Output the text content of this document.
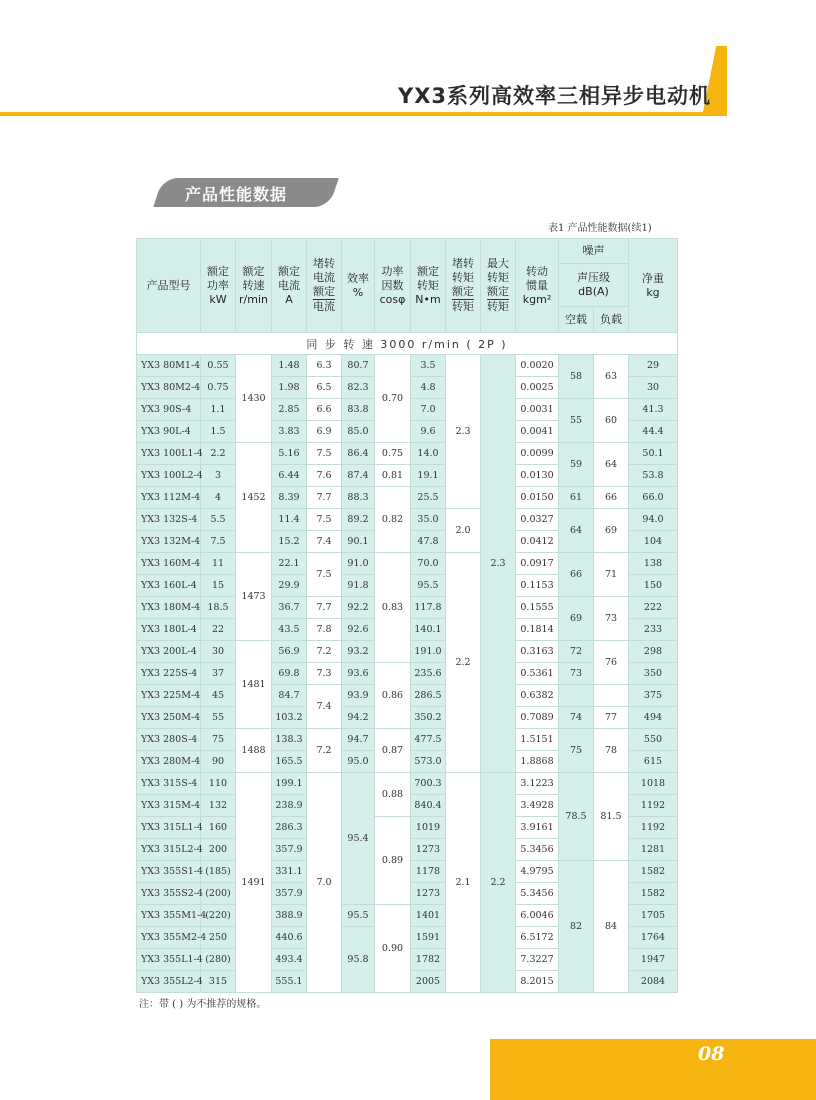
YX3系列高效率三相异步电动机
产品性能数据
表1 产品性能数据(续1)
产品型号	额定
功率
kW	额定
转速
r/min	额定
电流
A	堵转
电流
额定
电流	效率
%	功率
因数
cosφ	额定
转矩
N•m	堵转
转矩
额定
转矩	最大
转矩
额定
转矩	转动
惯量
kgm²	噪声		净重
kg
											声压级
dB(A)		
											空载	负载	
同 步 转 速 3000 r/min ( 2P )													
YX3 80M1-4	0.55	1430	1.48	6.3	80.7	0.70	3.5	2.3	2.3	0.0020	58	63	29
YX3 80M2-4	0.75		1.98	6.5	82.3		4.8			0.0025			30
YX3 90S-4	1.1		2.85	6.6	83.8		7.0			0.0031	55	60	41.3
YX3 90L-4	1.5		3.83	6.9	85.0		9.6			0.0041			44.4
YX3 100L1-4	2.2	1452	5.16	7.5	86.4	0.75	14.0			0.0099	59	64	50.1
YX3 100L2-4	3		6.44	7.6	87.4	0.81	19.1			0.0130			53.8
YX3 112M-4	4		8.39	7.7	88.3	0.82	25.5			0.0150	61	66	66.0
YX3 132S-4	5.5		11.4	7.5	89.2		35.0	2.0		0.0327	64	69	94.0
YX3 132M-4	7.5		15.2	7.4	90.1		47.8			0.0412			104
YX3 160M-4	11	1473	22.1	7.5	91.0	0.83	70.0	2.2		0.0917	66	71	138
YX3 160L-4	15		29.9		91.8		95.5			0.1153			150
YX3 180M-4	18.5		36.7	7.7	92.2		117.8			0.1555	69	73	222
YX3 180L-4	22		43.5	7.8	92.6		140.1			0.1814			233
YX3 200L-4	30	1481	56.9	7.2	93.2		191.0			0.3163	72	76	298
YX3 225S-4	37		69.8	7.3	93.6	0.86	235.6			0.5361	73		350
YX3 225M-4	45		84.7	7.4	93.9		286.5			0.6382			375
YX3 250M-4	55		103.2		94.2		350.2			0.7089	74	77	494
YX3 280S-4	75	1488	138.3	7.2	94.7	0.87	477.5			1.5151	75	78	550
YX3 280M-4	90		165.5		95.0		573.0			1.8868			615
YX3 315S-4	110	1491	199.1	7.0	95.4	0.88	700.3	2.1	2.2	3.1223	78.5	81.5	1018
YX3 315M-4	132		238.9				840.4			3.4928			1192
YX3 315L1-4	160		286.3			0.89	1019			3.9161			1192
YX3 315L2-4	200		357.9				1273			5.3456			1281
YX3 355S1-4	(185)		331.1				1178			4.9795	82	84	1582
YX3 355S2-4	(200)		357.9				1273			5.3456			1582
YX3 355M1-4	(220)		388.9		95.5	0.90	1401			6.0046			1705
YX3 355M2-4	250		440.6		95.8		1591			6.5172			1764
YX3 355L1-4	(280)		493.4				1782			7.3227			1947
YX3 355L2-4	315		555.1				2005			8.2015			2084
注：带 ( ) 为不推荐的规格。
08
